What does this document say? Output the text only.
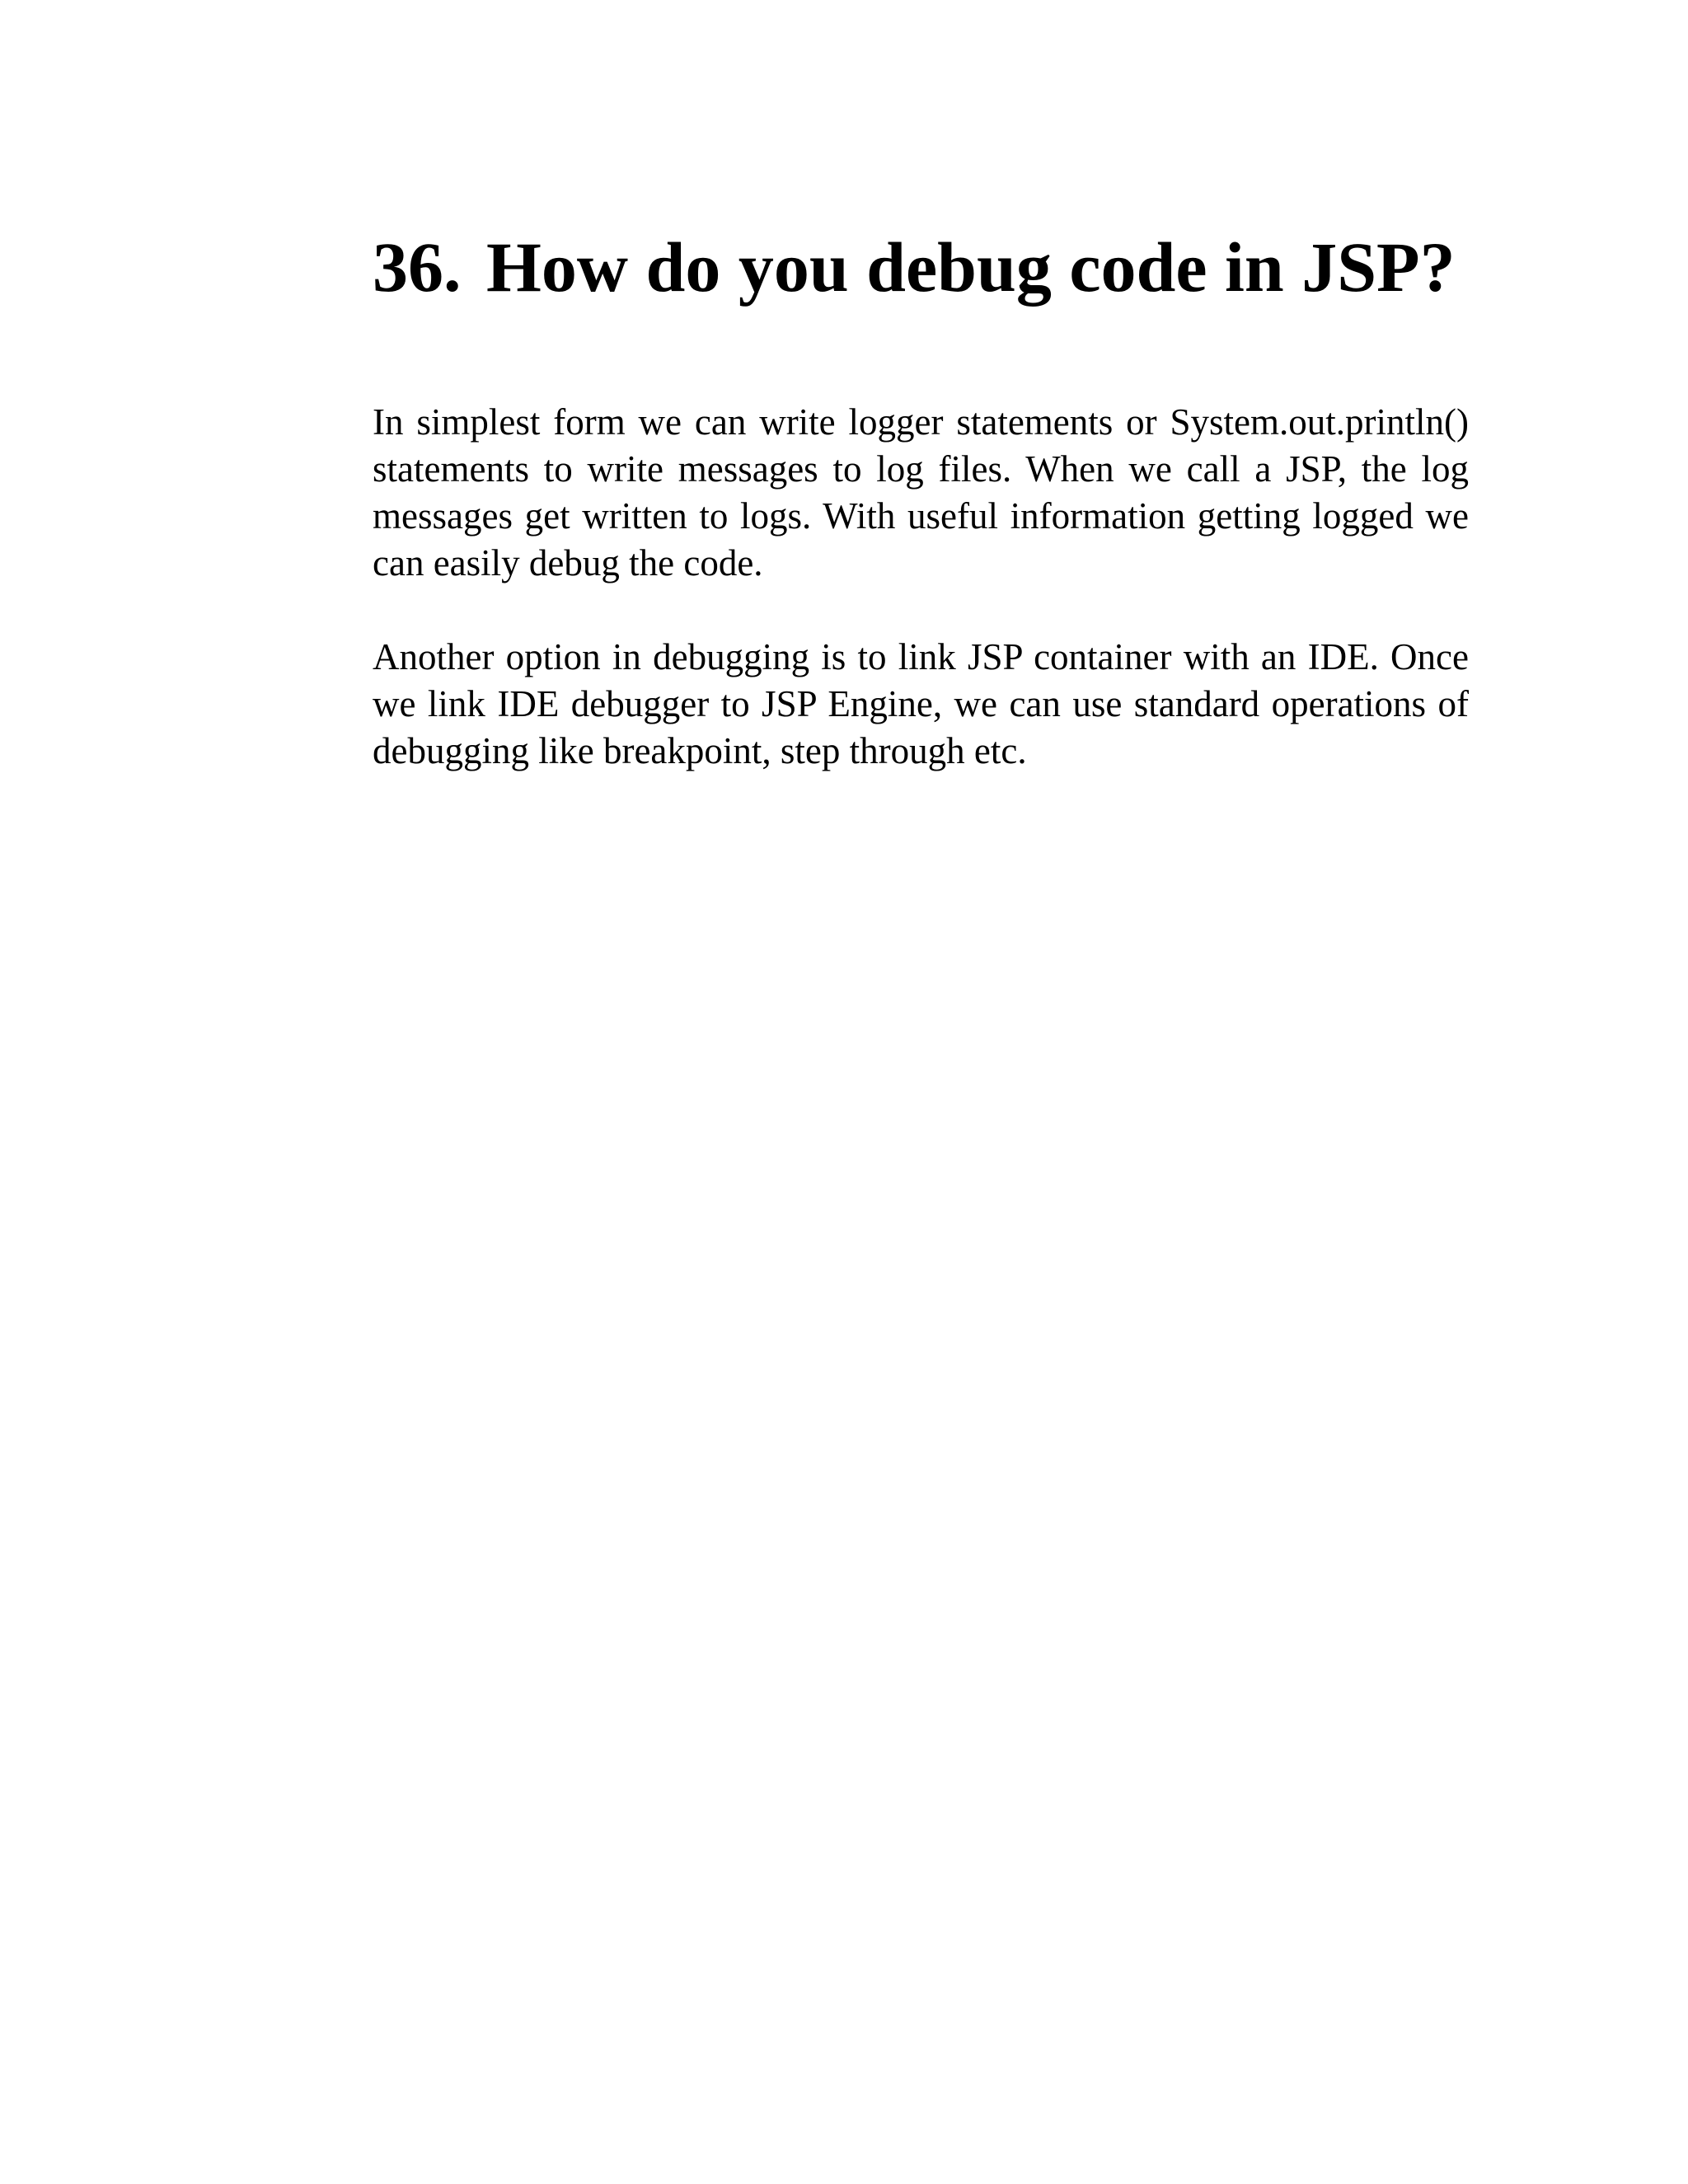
36. How do you debug code in JSP?

In simplest form we can write logger statements or System.out.println() statements to write messages to log files. When we call a JSP, the log messages get written to logs. With useful information getting logged we can easily debug the code.

Another option in debugging is to link JSP container with an IDE. Once we link IDE debugger to JSP Engine, we can use standard operations of debugging like breakpoint, step through etc.
